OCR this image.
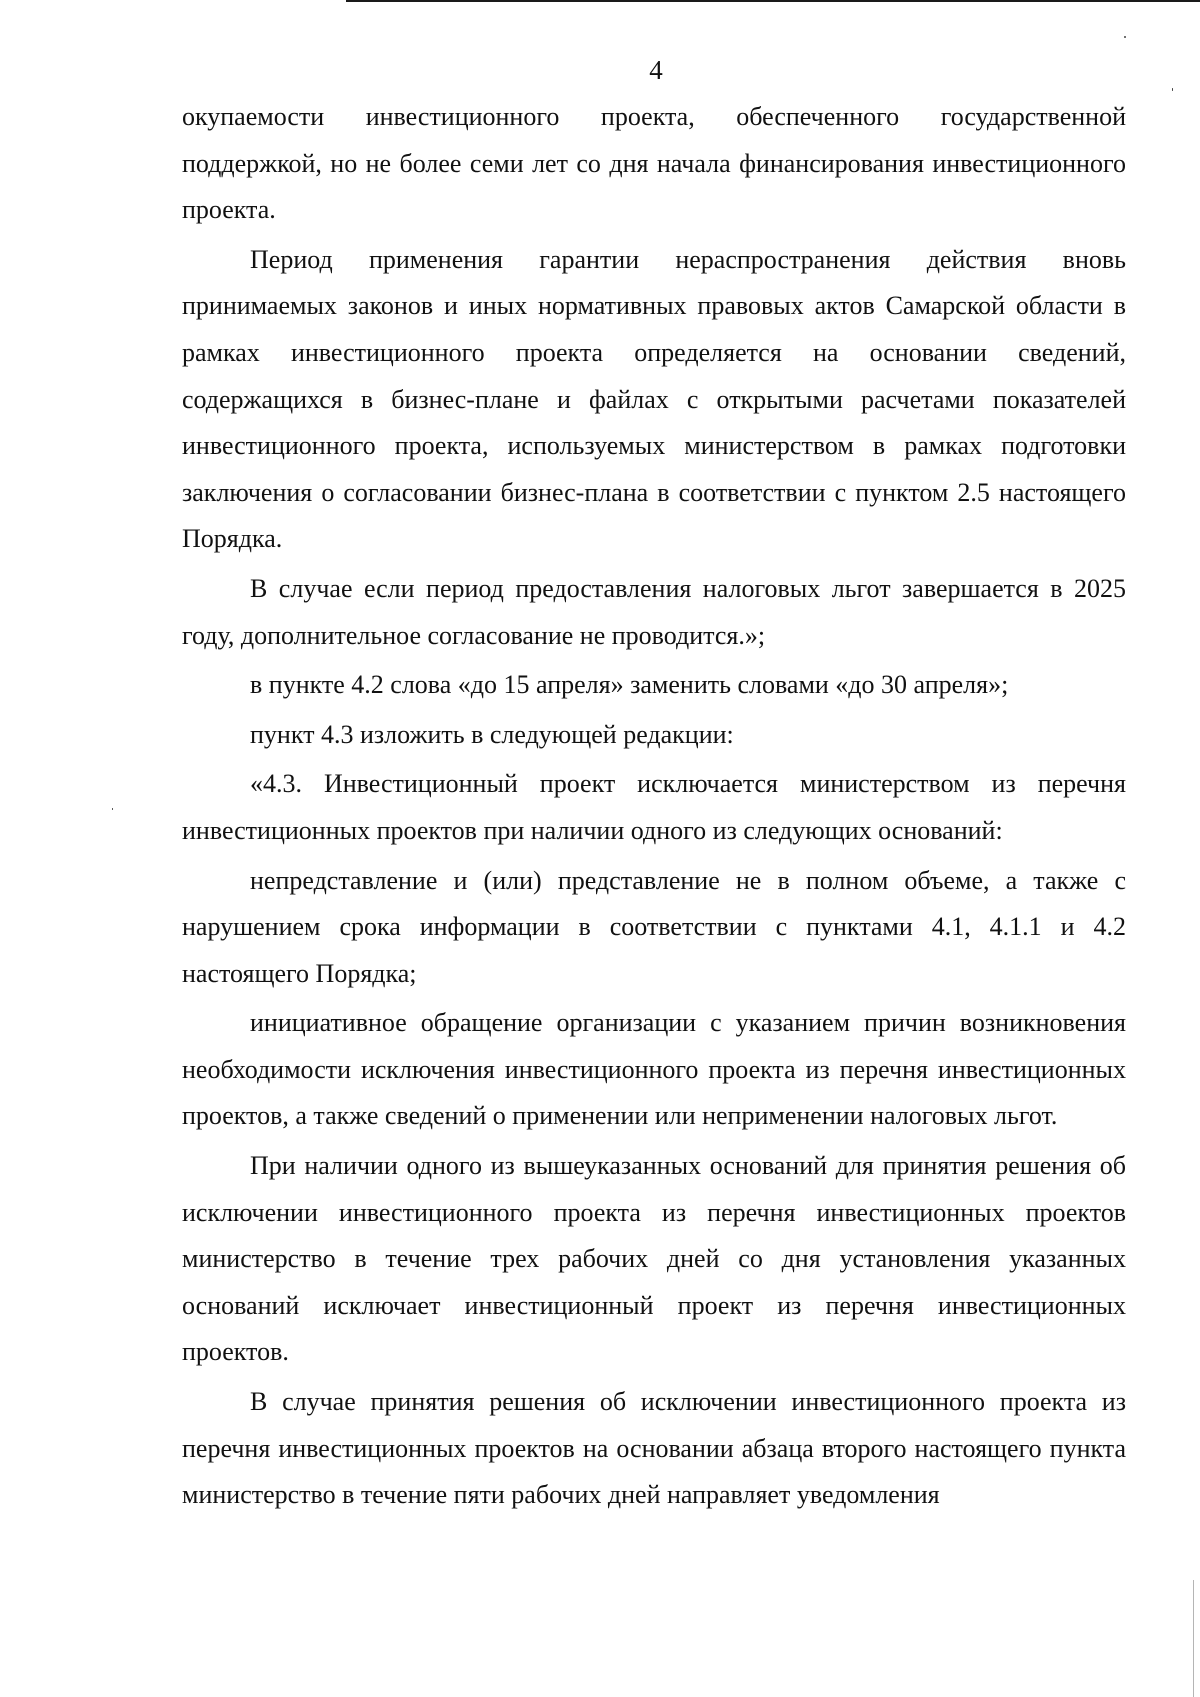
4

окупаемости инвестиционного проекта, обеспеченного государственной поддержкой, но не более семи лет со дня начала финансирования инвестиционного проекта.

Период применения гарантии нераспространения действия вновь принимаемых законов и иных нормативных правовых актов Самарской области в рамках инвестиционного проекта определяется на основании сведений, содержащихся в бизнес-плане и файлах с открытыми расчетами показателей инвестиционного проекта, используемых министерством в рамках подготовки заключения о согласовании бизнес-плана в соответствии с пунктом 2.5 настоящего Порядка.

В случае если период предоставления налоговых льгот завершается в 2025 году, дополнительное согласование не проводится.»;

в пункте 4.2 слова «до 15 апреля» заменить словами «до 30 апреля»;

пункт 4.3 изложить в следующей редакции:

«4.3. Инвестиционный проект исключается министерством из перечня инвестиционных проектов при наличии одного из следующих оснований:

непредставление и (или) представление не в полном объеме, а также с нарушением срока информации в соответствии с пунктами 4.1, 4.1.1 и 4.2 настоящего Порядка;

инициативное обращение организации с указанием причин возникновения необходимости исключения инвестиционного проекта из перечня инвестиционных проектов, а также сведений о применении или неприменении налоговых льгот.

При наличии одного из вышеуказанных оснований для принятия решения об исключении инвестиционного проекта из перечня инвестиционных проектов министерство в течение трех рабочих дней со дня установления указанных оснований исключает инвестиционный проект из перечня инвестиционных проектов.

В случае принятия решения об исключении инвестиционного проекта из перечня инвестиционных проектов на основании абзаца второго настоящего пункта министерство в течение пяти рабочих дней направляет уведомления
